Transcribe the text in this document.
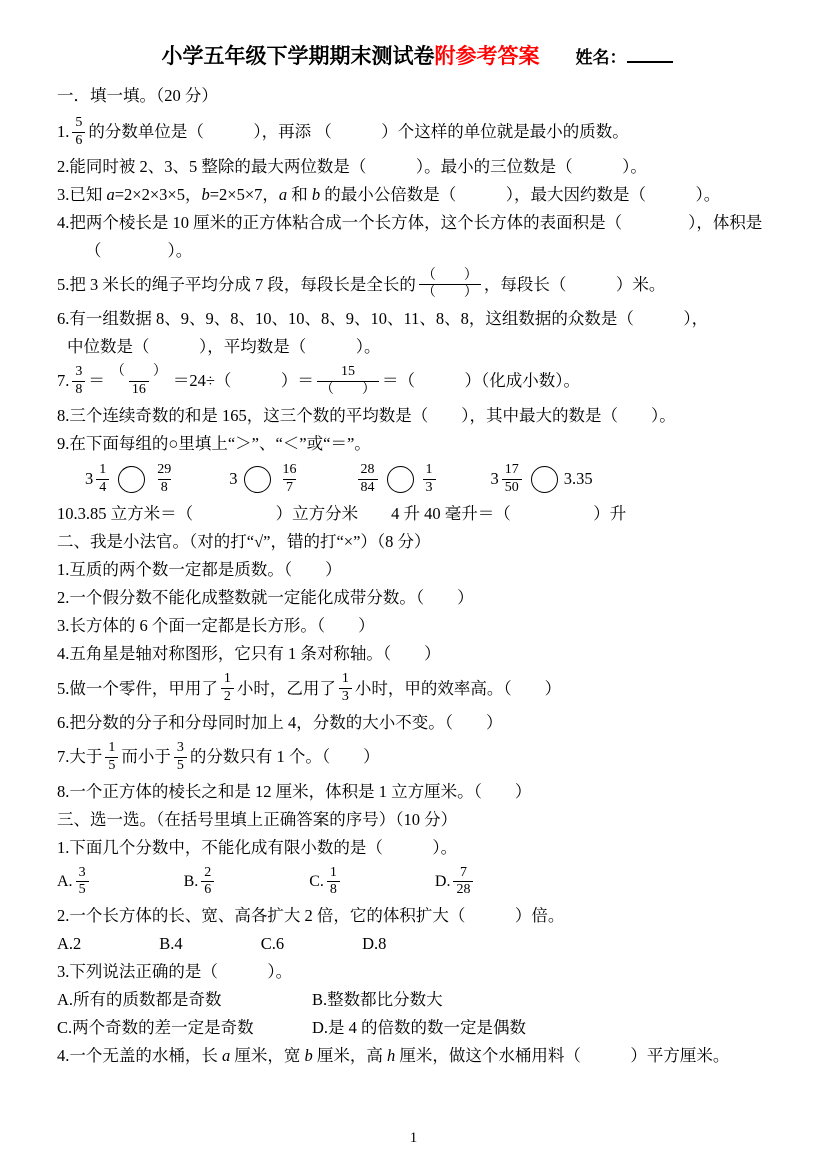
小学五年级下学期期末测试卷附参考答案 姓名：
一．填一填。（20 分）
1. $\frac{5}{6}$ 的分数单位是（　　　），再添 （　　　）个这样的单位就是最小的质数。
2.能同时被 2、3、5 整除的最大两位数是（　　　）。最小的三位数是（　　　）。
3.已知 a=2×2×3×5，b=2×5×7，a 和 b 的最小公倍数是（　　　），最大因约数是（　　　）。
4.把两个棱长是 10 厘米的正方体粘合成一个长方体，这个长方体的表面积是（　　　　），体积是
（　　　　）。
5.把 3 米长的绳子平均分成 7 段，每段长是全长的 $\frac{( )}{( )}$ ，每段长（　　　）米。
6.有一组数据 8、9、9、8、10、10、8、9、10、11、8、8，这组数据的众数是（　　　），
中位数是（　　　），平均数是（　　　）。
7. $\frac{3}{8} = \frac{( )}{16} =24\div$（　　　）＝ $\frac{15}{( )}$ ＝（　　　）（化成小数）。
8.三个连续奇数的和是 165，这三个数的平均数是（　　），其中最大的数是（　　）。
9.在下面每组的○里填上“＞”、“＜”或“＝”。
$3 \frac{1}{4}$	$\frac{29}{8}$	3	$\frac{16}{7}$	$\frac{28}{84}$	$\frac{1}{3}$	$3 \frac{17}{50}$	3.35
10.3.85 立方米＝（　　　　　）立方分米　　4 升 40 毫升＝（　　　　　）升
二、我是小法官。（对的打“√”，错的打“×”）（8 分）
1.互质的两个数一定都是质数。（　　）
2.一个假分数不能化成整数就一定能化成带分数。（　　）
3.长方体的 6 个面一定都是长方形。（　　）
4.五角星是轴对称图形，它只有 1 条对称轴。（　　）
5.做一个零件，甲用了 $\frac{1}{2}$ 小时，乙用了 $\frac{1}{3}$ 小时，甲的效率高。（　　）
6.把分数的分子和分母同时加上 4，分数的大小不变。（　　）
7.大于 $\frac{1}{5}$ 而小于 $\frac{3}{5}$ 的分数只有 1 个。（　　）
8.一个正方体的棱长之和是 12 厘米，体积是 1 立方厘米。（　　）
三、选一选。（在括号里填上正确答案的序号）（10 分）
1.下面几个分数中，不能化成有限小数的是（　　　）。
A. $\frac{3}{5}$	B. $\frac{2}{6}$	C. $\frac{1}{8}$	D. $\frac{7}{28}$
2.一个长方体的长、宽、高各扩大 2 倍，它的体积扩大（　　　）倍。
A.2	B.4	C.6	D.8
3.下列说法正确的是（　　　）。
A.所有的质数都是奇数	B.整数都比分数大
C.两个奇数的差一定是奇数	D.是 4 的倍数的数一定是偶数
4.一个无盖的水桶，长 a 厘米，宽 b 厘米，高 h 厘米，做这个水桶用料（　　　）平方厘米。
1
